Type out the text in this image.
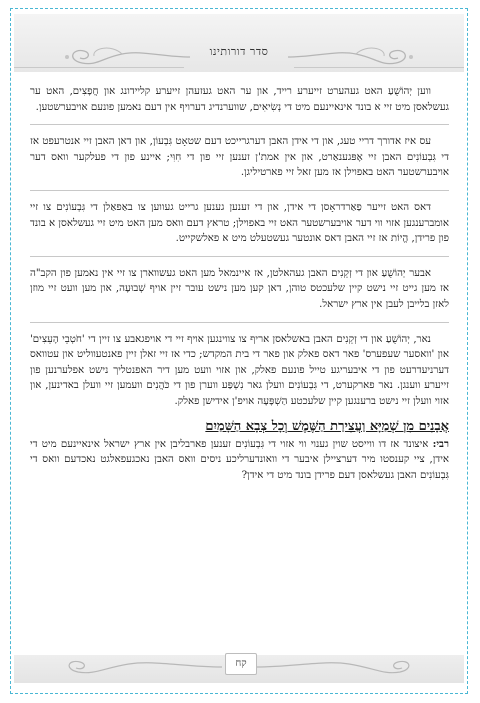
סדר דורותינו

ווען יְהוֹשֻׁעַ האט געהערט זייערע רייד, און ער האט געזעהן זייערע קליידונג און חֲפָצִים, האט ער געשלאסן מיט זיי א בונד אינאיינעם מיט די נְשִׂיאִים, שווערנדיג דערויף אין דעם נאמען פונעם אויבערשטען.

עס איז אדורך דריי טעג, און די אידן האבן דערגרייכט דעם שטאָט גִּבְעוֹן, און דאן האבן זיי אנטרעפט אז די גִּבְעוֹנִים האבן זיי אָפּגענאַרט, און אין אמת'ן זענען זיי פון די חִוִּי; איינע פון די פעלקער וואס דער אויבערשטער האט באפוילן אז מען זאל זיי פארטיליגן.

דאס האט זייער פַאַרדראָסן די אידן, און די זענען גענען גרייט געווען צו באַפאַלן די גִּבְעוֹנִים צו זיי אומברענגען אזוי ווי דער אויבערשטער האט זיי באפוילן; טראץ דעם וואס מען האט מיט זיי געשלאסן א בונד פון פרידן, הֱיוֹת אז זיי האבן דאס אונטער געשטעלט מיט א פאלשקייט.

אבער יְהוֹשֻׁעַ און די זְקֵנִים האבן געהאלטן, אז איינמאל מען האט געשווארן צו זיי אין נאמען פון הקב"ה אז מען גייט זיי נישט קיין שלעכטס טוהן, דאן קען מען נישט עובר זיין אויף שְׁבוּעָה, און מען וועט זיי מוזן לאזן בלייבן לעבן אין ארץ ישראל.

נאר, יְהוֹשֻׁעַ און די זְקֵנִים האבן באשלאסן אריף צו צווינגען אויף זיי די אויפגאבע צו זיין די 'חֹטְבֵי הָעֵצִים' און 'וואסער שעפערס' פאר דאס פאלק און פאר די בית המקדש; כדי אז זיי זאלן זיין פאנטעווליט און עטוואס דערניעדרעט פון די איבעריגע טייל פונעם פאלק, און אזוי וועט מען דיר האפנטליך נישט אפלערנען פון זייערע ווענגן. נאר פארקערט, די גִּבְעוֹנִים וועלן גאר נִשְׁפַּע ווערן פון די כֹּהֲנִים וועמען זיי וועלן באדינען, און אזוי וועלן זיי נישט ברענגען קיין שלעכטע הַשְׁפָּעָה אויפ'ן אידישן פאלק.

אֲבָנִים מִן שְׁמַיָּא וַעֲצִירַת הַשֶּׁמֶשׁ וְכָל צְבָא הַשָּׁמַיִם

רבי: איצונד אז דו ווייסט שוין גענוי ווי אזוי די גִּבְעוֹנִים זענען פארבליבן אין ארץ ישראל אינאיינעם מיט די אידן, ציי קענסטו מיר דערציילן איבער די וואונדערליכע ניסים וואס האבן נאכגעפאלגט נאכדעם וואס די גִּבְעוֹנִים האבן געשלאסן דעם פרידן בונד מיט די אידן?

קח
